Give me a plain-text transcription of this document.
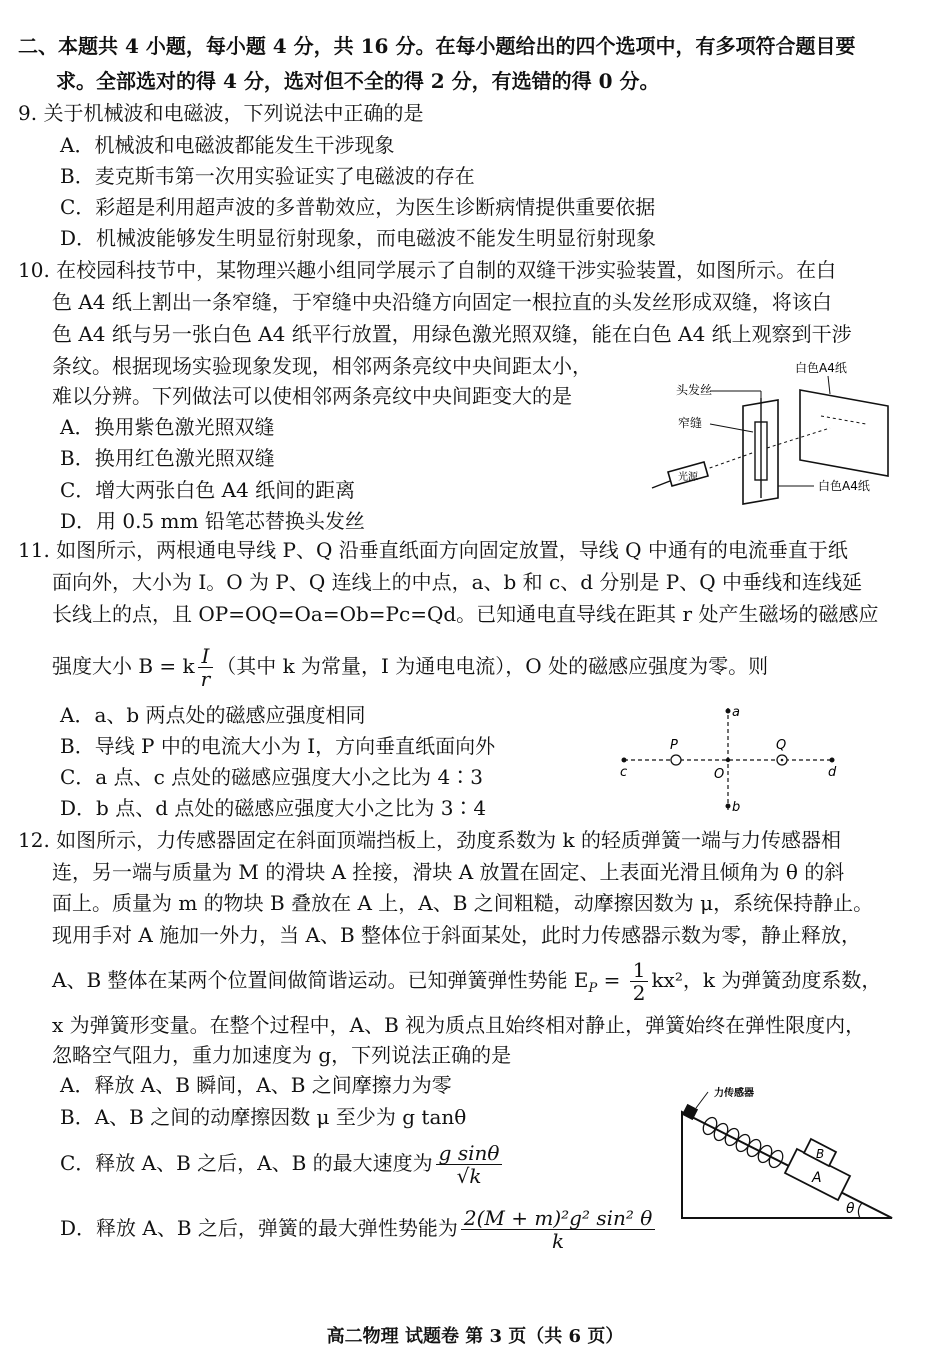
二、本题共 4 小题，每小题 4 分，共 16 分。在每小题给出的四个选项中，有多项符合题目要
求。全部选对的得 4 分，选对但不全的得 2 分，有选错的得 0 分。
9. 关于机械波和电磁波，下列说法中正确的是
A．机械波和电磁波都能发生干涉现象
B．麦克斯韦第一次用实验证实了电磁波的存在
C．彩超是利用超声波的多普勒效应，为医生诊断病情提供重要依据
D．机械波能够发生明显衍射现象，而电磁波不能发生明显衍射现象
10. 在校园科技节中，某物理兴趣小组同学展示了自制的双缝干涉实验装置，如图所示。在白
色 A4 纸上割出一条窄缝，于窄缝中央沿缝方向固定一根拉直的头发丝形成双缝，将该白
色 A4 纸与另一张白色 A4 纸平行放置，用绿色激光照双缝，能在白色 A4 纸上观察到干涉
条纹。根据现场实验现象发现，相邻两条亮纹中央间距太小，
难以分辨。下列做法可以使相邻两条亮纹中央间距变大的是
A．换用紫色激光照双缝
B．换用红色激光照双缝
C．增大两张白色 A4 纸间的距离
D．用 0.5 mm 铅笔芯替换头发丝
光源
头发丝
窄缝
白色A4纸
白色A4纸
11. 如图所示，两根通电导线 P、Q 沿垂直纸面方向固定放置，导线 Q 中通有的电流垂直于纸
面向外，大小为 I。O 为 P、Q 连线上的中点，a、b 和 c、d 分别是 P、Q 中垂线和连线延
长线上的点，且 OP=OQ=Oa=Ob=Pc=Qd。已知通电直导线在距其 r 处产生磁场的磁感应
强度大小 B = k $\frac{I}{r}$ （其中 k 为常量，I 为通电电流），O 处的磁感应强度为零。则
A．a、b 两点处的磁感应强度相同
B．导线 P 中的电流大小为 I，方向垂直纸面向外
C．a 点、c 点处的磁感应强度大小之比为 4∶3
D．b 点、d 点处的磁感应强度大小之比为 3∶4
a
b
c	d
P	Q
O
12. 如图所示，力传感器固定在斜面顶端挡板上，劲度系数为 k 的轻质弹簧一端与力传感器相
连，另一端与质量为 M 的滑块 A 拴接，滑块 A 放置在固定、上表面光滑且倾角为 θ 的斜
面上。质量为 m 的物块 B 叠放在 A 上，A、B 之间粗糙，动摩擦因数为 μ，系统保持静止。
现用手对 A 施加一外力，当 A、B 整体位于斜面某处，此时力传感器示数为零，静止释放，
A、B 整体在某两个位置间做简谐运动。已知弹簧弹性势能 $E_P = \frac{1}{2} kx^2$，k 为弹簧劲度系数，
x 为弹簧形变量。在整个过程中，A、B 视为质点且始终相对静止，弹簧始终在弹性限度内，
忽略空气阻力，重力加速度为 g，下列说法正确的是
A．释放 A、B 瞬间，A、B 之间摩擦力为零
B．A、B 之间的动摩擦因数 μ 至少为 g tanθ
C．释放 A、B 之后，A、B 的最大速度为 $\frac{\text{g sinθ}}{√k}$
D．释放 A、B 之后，弹簧的最大弹性势能为 $\frac{\text{2(M + m)²g² sin² θ}}{k}$
力传感器
A
B
θ
高二物理 试题卷 第 3 页（共 6 页）
